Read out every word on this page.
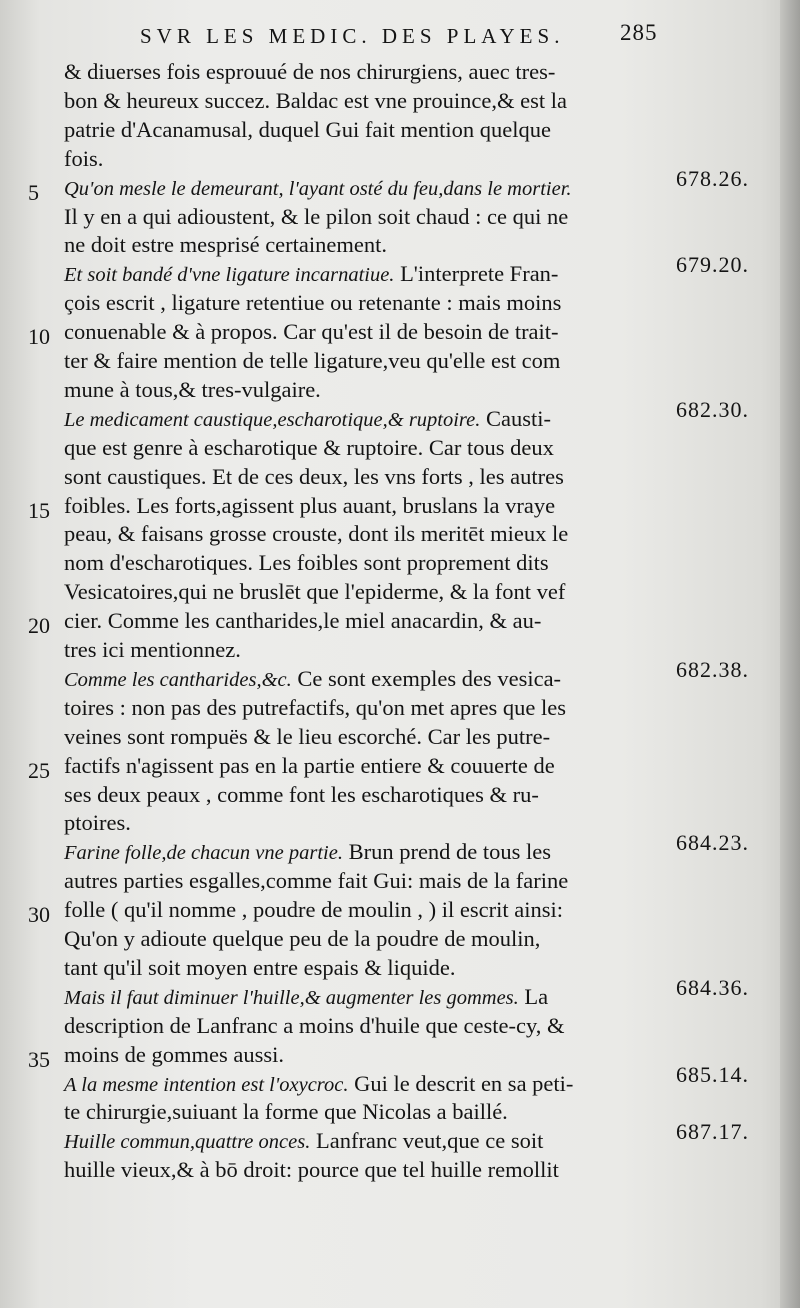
SVR LES MEDIC. DES PLAYES. 285
& diuerses fois esprouué de nos chirurgiens, auec tres-
bon & heureux succez. Baldac est vne prouince,& est la
patrie d'Acanamusal, duquel Gui fait mention quelque
fois.
Qu'on mesle le demeurant, l'ayant osté du feu,dans le mortier.
5
678.26.
Il y en a qui adioustent, & le pilon soit chaud : ce qui ne
ne doit estre mesprisé certainement.
Et soit bandé d'vne ligature incarnatiue. L'interprete Fran-	679.20.
çois escrit , ligature retentiue ou retenante : mais moins
conuenable & à propos. Car qu'est il de besoin de trait-
10
ter & faire mention de telle ligature,veu qu'elle est com
mune à tous,& tres-vulgaire.
Le medicament caustique,escharotique,& ruptoire. Causti-	682.30.
que est genre à escharotique & ruptoire. Car tous deux
sont caustiques. Et de ces deux, les vns forts , les autres
foibles. Les forts,agissent plus auant, bruslans la vraye
15
peau, & faisans grosse crouste, dont ils meritēt mieux le
nom d'escharotiques. Les foibles sont proprement dits
Vesicatoires,qui ne bruslēt que l'epiderme, & la font vef
cier. Comme les cantharides,le miel anacardin, & au-
20
tres ici mentionnez.
Comme les cantharides,&c. Ce sont exemples des vesica-	682.38.
toires : non pas des putrefactifs, qu'on met apres que les
veines sont rompuës & le lieu escorché. Car les putre-
factifs n'agissent pas en la partie entiere & couuerte de
25
ses deux peaux , comme font les escharotiques & ru-
ptoires.
Farine folle,de chacun vne partie. Brun prend de tous les	684.23.
autres parties esgalles,comme fait Gui: mais de la farine
folle ( qu'il nomme , poudre de moulin , ) il escrit ainsi:
30
Qu'on y adioute quelque peu de la poudre de moulin,
tant qu'il soit moyen entre espais & liquide.
Mais il faut diminuer l'huille,& augmenter les gommes. La	684.36.
description de Lanfranc a moins d'huile que ceste-cy, &
moins de gommes aussi.
35
A la mesme intention est l'oxycroc. Gui le descrit en sa peti-	685.14.
te chirurgie,suiuant la forme que Nicolas a baillé.
Huille commun,quattre onces. Lanfranc veut,que ce soit	687.17.
huille vieux,& à bō droit: pource que tel huille remollit
